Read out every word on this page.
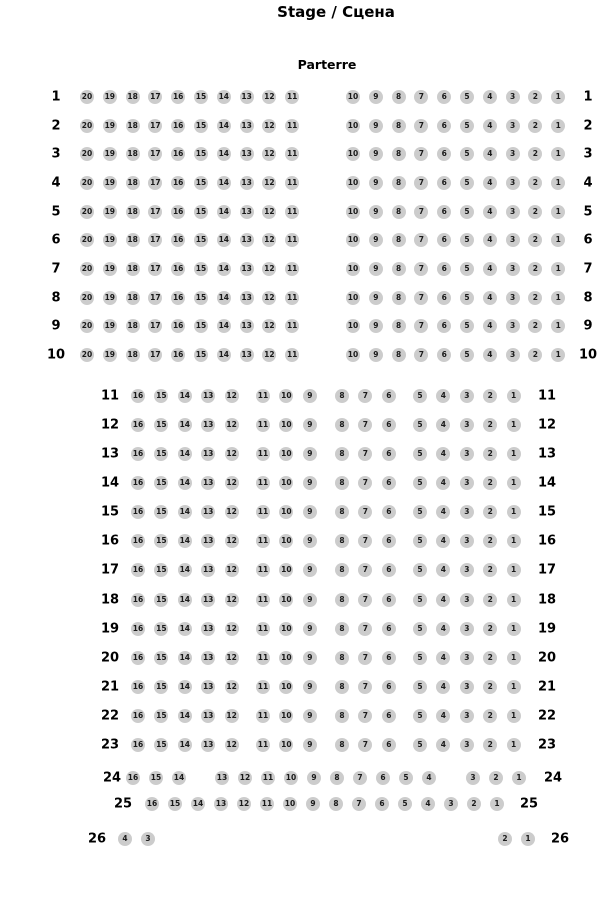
Stage / Сцена
Parterre
1	20 19 18 17 16 15 14 13 12 11	10	9	8	7	6	5	4	3	2	1	1
2	20 19 18 17 16 15 14 13 12 11	10	9	8	7	6	5	4	3	2	1	2
3	20 19 18 17 16 15 14 13 12 11	10	9	8	7	6	5	4	3	2	1	3
4	20 19 18 17 16 15 14 13 12 11	10	9	8	7	6	5	4	3	2	1	4
5	20 19 18 17 16 15 14 13 12 11	10	9	8	7	6	5	4	3	2	1	5
6	20 19 18 17 16 15 14 13 12 11	10	9	8	7	6	5	4	3	2	1	6
7	20 19 18 17 16 15 14 13 12 11	10	9	8	7	6	5	4	3	2	1	7
8	20 19 18 17 16 15 14 13 12 11	10	9	8	7	6	5	4	3	2	1	8
9	20 19 18 17 16 15 14 13 12 11	10	9	8	7	6	5	4	3	2	1	9
10 20 19 18 17 16 15 14 13 12 11	10	9	8	7	6	5	4	3	2	1	10
11 16 15 14 13 12	11 10	9	8	7	6	5	4	3	2	1	11
12 16 15 14 13 12	11 10	9	8	7	6	5	4	3	2	1	12
13 16 15 14 13 12	11 10	9	8	7	6	5	4	3	2	1	13
14 16 15 14 13 12	11 10	9	8	7	6	5	4	3	2	1	14
15 16 15 14 13 12	11 10	9	8	7	6	5	4	3	2	1	15
16 16 15 14 13 12	11 10	9	8	7	6	5	4	3	2	1	16
17 16 15 14 13 12	11 10	9	8	7	6	5	4	3	2	1	17
18 16 15 14 13 12	11 10	9	8	7	6	5	4	3	2	1	18
19 16 15 14 13 12	11 10	9	8	7	6	5	4	3	2	1	19
20 16 15 14 13 12	11 10	9	8	7	6	5	4	3	2	1	20
21 16 15 14 13 12	11 10	9	8	7	6	5	4	3	2	1	21
22 16 15 14 13 12	11 10	9	8	7	6	5	4	3	2	1	22
23 16 15 14 13 12	11 10	9	8	7	6	5	4	3	2	1	23
24 16 15 14	13 12 11 10	9	8	7	6	5	4	3	2	1	24
25 16 15 14 13 12 11 10	9	8	7	6	5	4	3	2	1	25
26	4	3	2	1	26
